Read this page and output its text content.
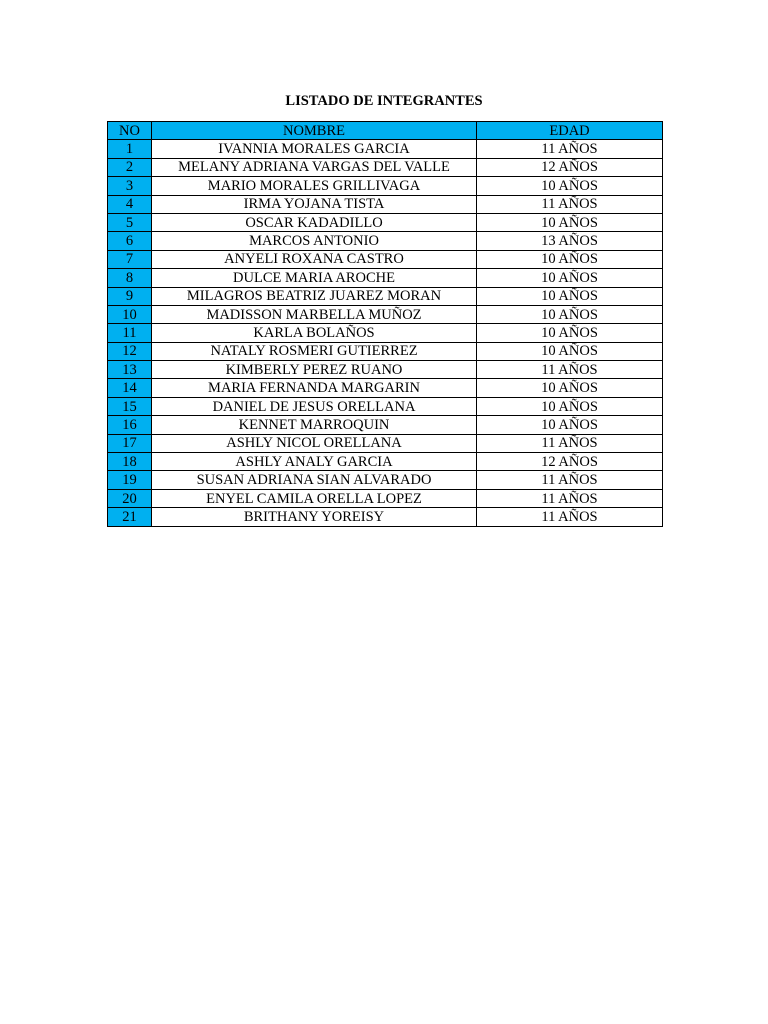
LISTADO DE INTEGRANTES
NO	NOMBRE	EDAD
1	IVANNIA MORALES GARCIA	11 AÑOS
2	MELANY ADRIANA VARGAS DEL VALLE	12 AÑOS
3	MARIO MORALES GRILLIVAGA	10 AÑOS
4	IRMA YOJANA TISTA	11 AÑOS
5	OSCAR KADADILLO	10 AÑOS
6	MARCOS ANTONIO	13 AÑOS
7	ANYELI ROXANA CASTRO	10 AÑOS
8	DULCE MARIA AROCHE	10 AÑOS
9	MILAGROS BEATRIZ JUAREZ MORAN	10 AÑOS
10	MADISSON MARBELLA MUÑOZ	10 AÑOS
11	KARLA BOLAÑOS	10 AÑOS
12	NATALY ROSMERI GUTIERREZ	10 AÑOS
13	KIMBERLY PEREZ RUANO	11 AÑOS
14	MARIA FERNANDA MARGARIN	10 AÑOS
15	DANIEL DE JESUS ORELLANA	10 AÑOS
16	KENNET MARROQUIN	10 AÑOS
17	ASHLY NICOL ORELLANA	11 AÑOS
18	ASHLY ANALY GARCIA	12 AÑOS
19	SUSAN ADRIANA SIAN ALVARADO	11 AÑOS
20	ENYEL CAMILA ORELLA LOPEZ	11 AÑOS
21	BRITHANY YOREISY	11 AÑOS
